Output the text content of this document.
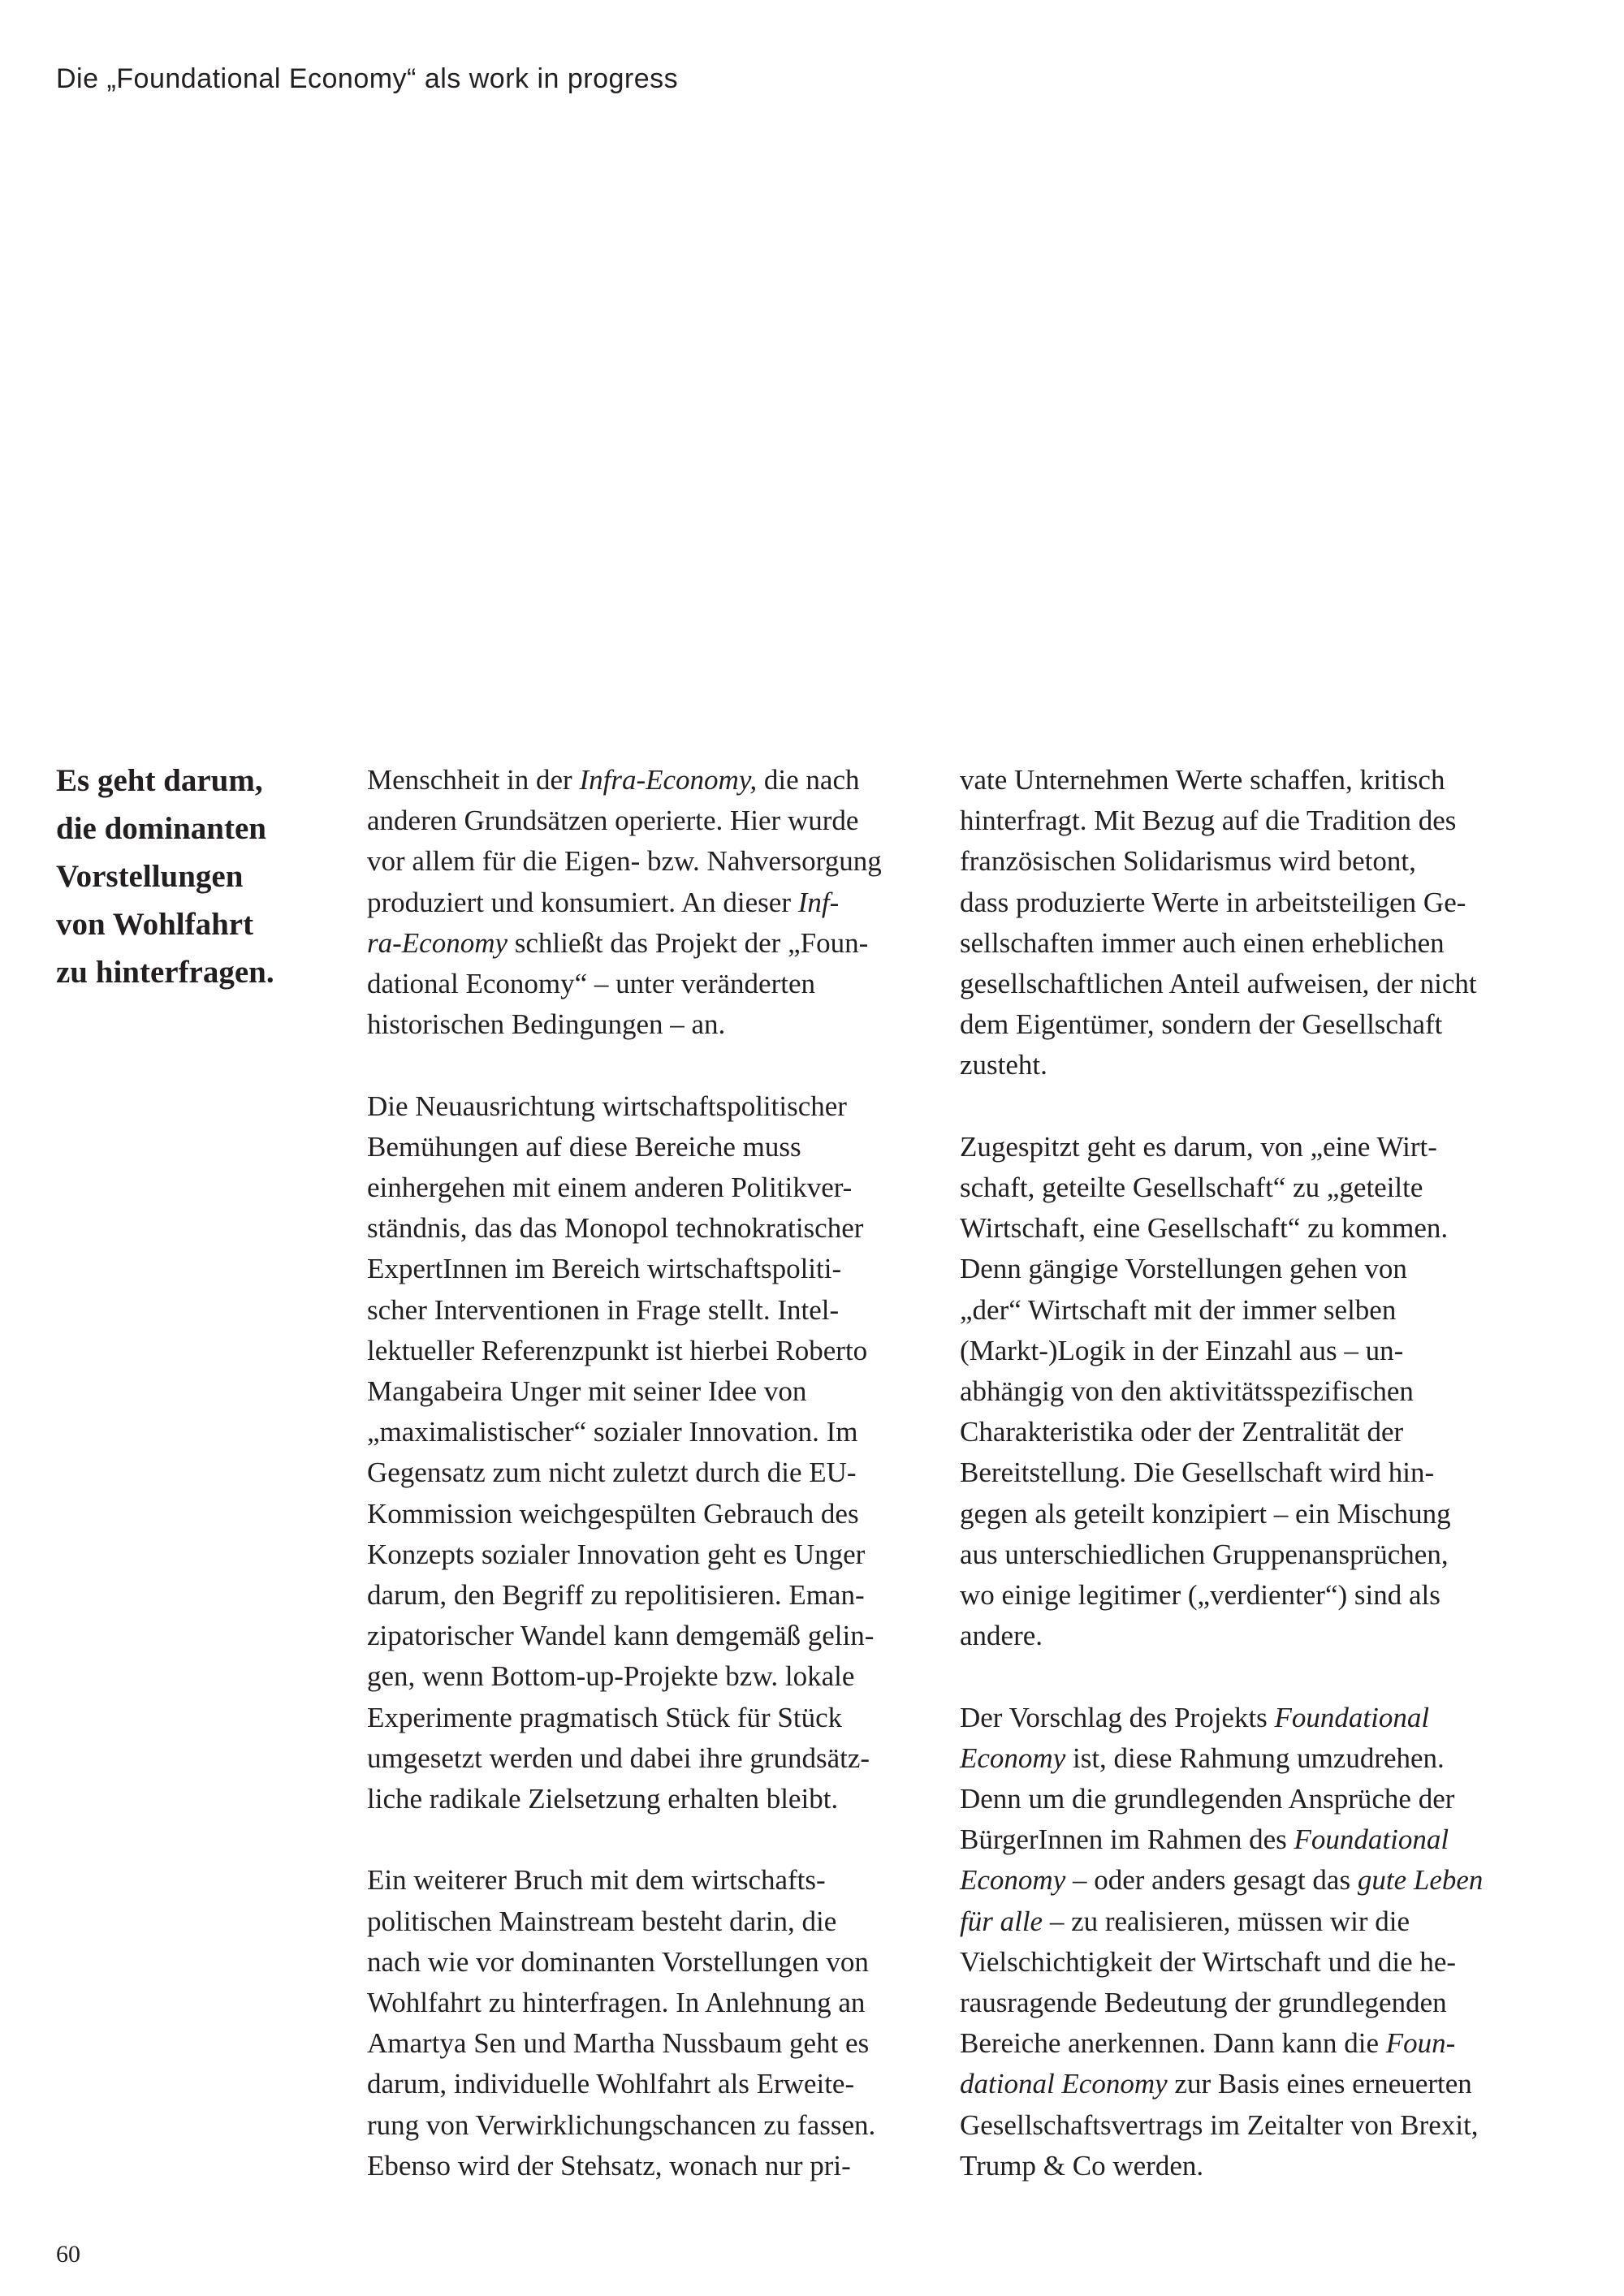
Die „Foundational Economy“ als work in progress
Es geht darum,
die dominanten
Vorstellungen
von Wohlfahrt
zu hinterfragen.
Menschheit in der Infra-Economy, die nach
anderen Grundsätzen operierte. Hier wurde
vor allem für die Eigen- bzw. Nahversorgung
produziert und konsumiert. An dieser Inf-
ra-Economy schließt das Projekt der „Foun-
dational Economy“ – unter veränderten
historischen Bedingungen – an.
Die Neuausrichtung wirtschaftspolitischer
Bemühungen auf diese Bereiche muss
einhergehen mit einem anderen Politikver-
ständnis, das das Monopol technokratischer
ExpertInnen im Bereich wirtschaftspoliti-
scher Interventionen in Frage stellt. Intel-
lektueller Referenzpunkt ist hierbei Roberto
Mangabeira Unger mit seiner Idee von
„maximalistischer“ sozialer Innovation. Im
Gegensatz zum nicht zuletzt durch die EU-
Kommission weichgespülten Gebrauch des
Konzepts sozialer Innovation geht es Unger
darum, den Begriff zu repolitisieren. Eman-
zipatorischer Wandel kann demgemäß gelin-
gen, wenn Bottom-up-Projekte bzw. lokale
Experimente pragmatisch Stück für Stück
umgesetzt werden und dabei ihre grundsätz-
liche radikale Zielsetzung erhalten bleibt.
Ein weiterer Bruch mit dem wirtschafts-
politischen Mainstream besteht darin, die
nach wie vor dominanten Vorstellungen von
Wohlfahrt zu hinterfragen. In Anlehnung an
Amartya Sen und Martha Nussbaum geht es
darum, individuelle Wohlfahrt als Erweite-
rung von Verwirklichungschancen zu fassen.
Ebenso wird der Stehsatz, wonach nur pri-
vate Unternehmen Werte schaffen, kritisch
hinterfragt. Mit Bezug auf die Tradition des
französischen Solidarismus wird betont,
dass produzierte Werte in arbeitsteiligen Ge-
sellschaften immer auch einen erheblichen
gesellschaftlichen Anteil aufweisen, der nicht
dem Eigentümer, sondern der Gesellschaft
zusteht.
Zugespitzt geht es darum, von „eine Wirt-
schaft, geteilte Gesellschaft“ zu „geteilte
Wirtschaft, eine Gesellschaft“ zu kommen.
Denn gängige Vorstellungen gehen von
„der“ Wirtschaft mit der immer selben
(Markt-)Logik in der Einzahl aus – un-
abhängig von den aktivitätsspezifischen
Charakteristika oder der Zentralität der
Bereitstellung. Die Gesellschaft wird hin-
gegen als geteilt konzipiert – ein Mischung
aus unterschiedlichen Gruppenansprüchen,
wo einige legitimer („verdienter“) sind als
andere.
Der Vorschlag des Projekts Foundational
Economy ist, diese Rahmung umzudrehen.
Denn um die grundlegenden Ansprüche der
BürgerInnen im Rahmen des Foundational
Economy – oder anders gesagt das gute Leben
für alle – zu realisieren, müssen wir die
Vielschichtigkeit der Wirtschaft und die he-
rausragende Bedeutung der grundlegenden
Bereiche anerkennen. Dann kann die Foun-
dational Economy zur Basis eines erneuerten
Gesellschaftsvertrags im Zeitalter von Brexit,
Trump & Co werden.
60
